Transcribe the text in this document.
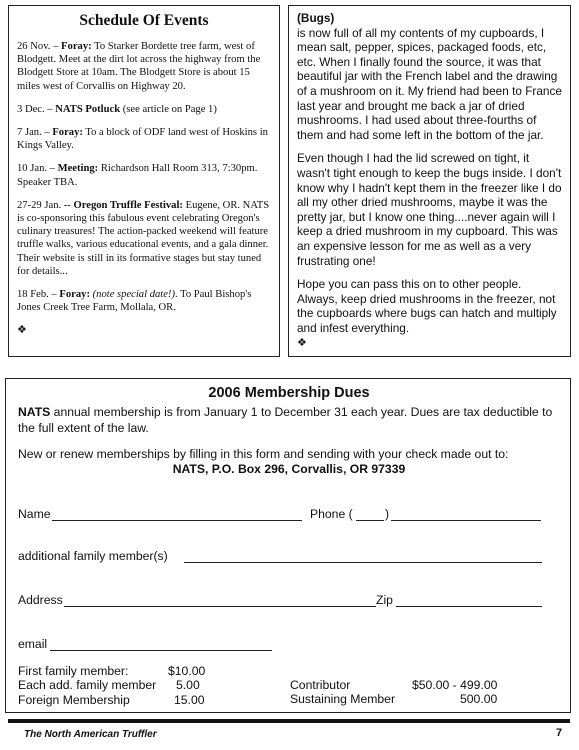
Schedule Of Events
26 Nov. – Foray: To Starker Bordette tree farm, west of Blodgett. Meet at the dirt lot across the highway from the Blodgett Store at 10am. The Blodgett Store is about 15 miles west of Corvallis on Highway 20.
3 Dec. – NATS Potluck (see article on Page 1)
7 Jan. – Foray: To a block of ODF land west of Hoskins in Kings Valley.
10 Jan. – Meeting: Richardson Hall Room 313, 7:30pm. Speaker TBA.
27-29 Jan. -- Oregon Truffle Festival: Eugene, OR. NATS is co-sponsoring this fabulous event celebrating Oregon's culinary treasures! The action-packed weekend will feature truffle walks, various educational events, and a gala dinner. Their website is still in its formative stages but stay tuned for details...
18 Feb. – Foray: (note special date!). To Paul Bishop's Jones Creek Tree Farm, Mollala, OR.
❖

(Bugs)
is now full of all my contents of my cupboards, I mean salt, pepper, spices, packaged foods, etc, etc. When I finally found the source, it was that beautiful jar with the French label and the drawing of a mushroom on it. My friend had been to France last year and brought me back a jar of dried mushrooms. I had used about three-fourths of them and had some left in the bottom of the jar.

Even though I had the lid screwed on tight, it wasn't tight enough to keep the bugs inside. I don't know why I hadn't kept them in the freezer like I do all my other dried mushrooms, maybe it was the pretty jar, but I know one thing....never again will I keep a dried mushroom in my cupboard. This was an expensive lesson for me as well as a very frustrating one!

Hope you can pass this on to other people. Always, keep dried mushrooms in the freezer, not the cupboards where bugs can hatch and multiply and infest everything.
❖

2006 Membership Dues

NATS annual membership is from January 1 to December 31 each year. Dues are tax deductible to the full extent of the law.

New or renew memberships by filling in this form and sending with your check made out to:

NATS, P.O. Box 296, Corvallis, OR 97339
Name	Phone (	)
additional family member(s)
Address	Zip
email
First family member:	$10.00
Each add. family member	5.00
Foreign Membership	15.00
Contributor	$50.00 - 499.00
Sustaining Member	500.00
The North American Truffler	7
